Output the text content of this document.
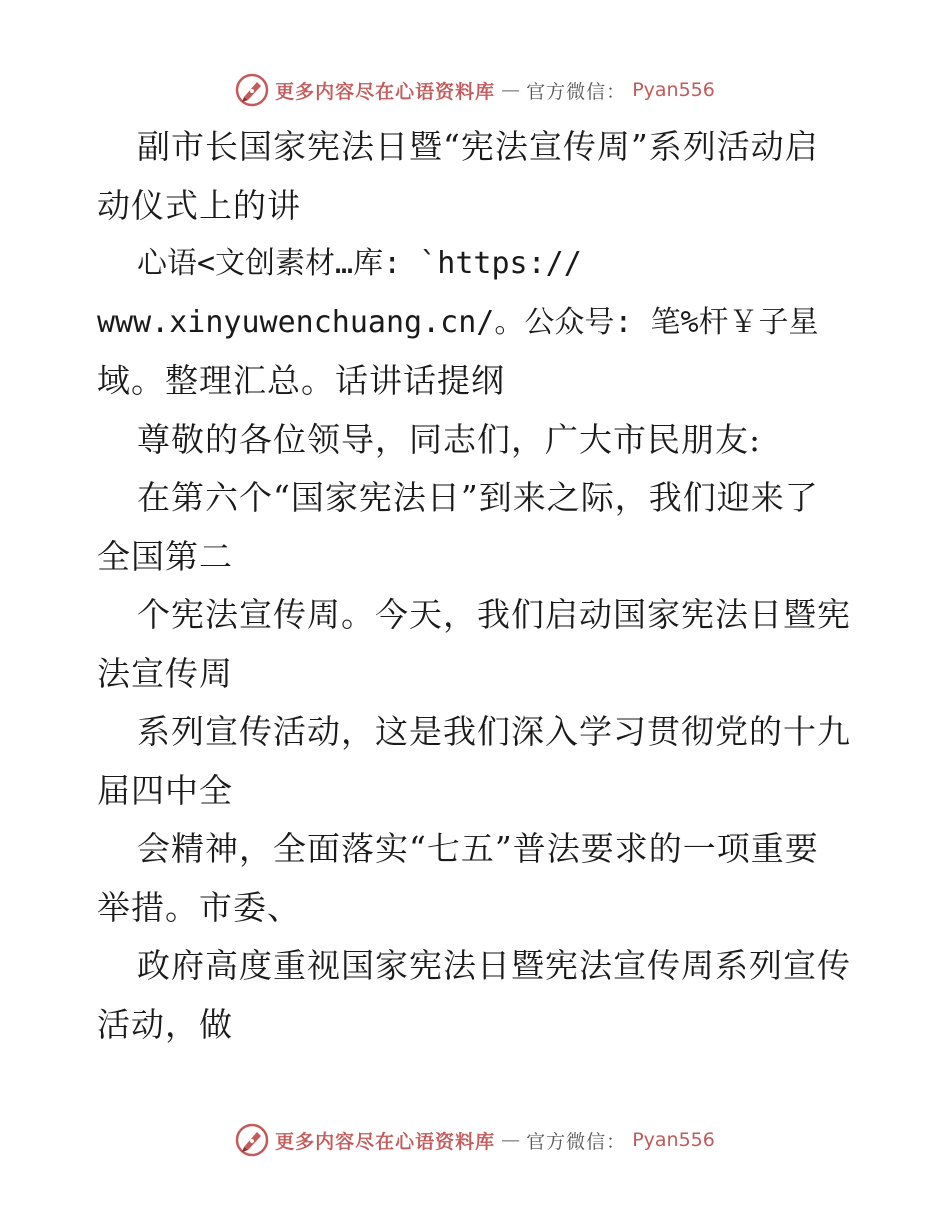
更多内容尽在心语资料库 — 官方微信： Pyan556
副市长国家宪法日暨“宪法宣传周”系列活动启
动仪式上的讲
心语<文创素材…库: `https://
www.xinyuwenchuang.cn/。公众号: 笔%杆￥子星
域。整理汇总。话讲话提纲
尊敬的各位领导，同志们，广大市民朋友:
在第六个“国家宪法日”到来之际，我们迎来了
全国第二
个宪法宣传周。今天，我们启动国家宪法日暨宪
法宣传周
系列宣传活动，这是我们深入学习贯彻党的十九
届四中全
会精神，全面落实“七五”普法要求的一项重要
举措。市委、
政府高度重视国家宪法日暨宪法宣传周系列宣传
活动，做
更多内容尽在心语资料库 — 官方微信： Pyan556
